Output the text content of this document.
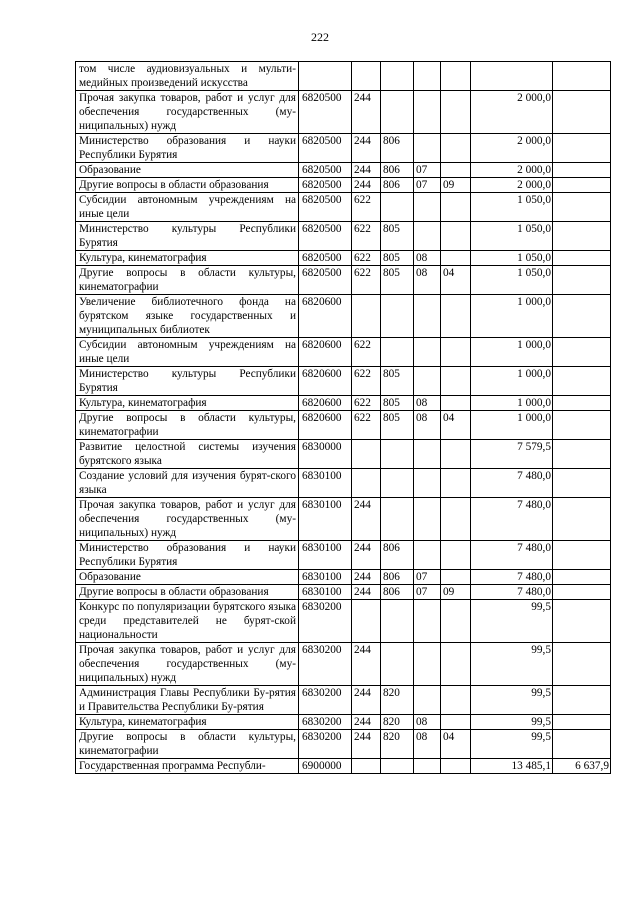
222
том числе аудиовизуальных и мульти-медийных произведений искусства							
Прочая закупка товаров, работ и услуг для обеспечения государственных (му-ниципальных) нужд	6820500	244				2 000,0	
Министерство образования и науки Республики Бурятия	6820500	244	806			2 000,0	
Образование	6820500	244	806	07		2 000,0	
Другие вопросы в области образования	6820500	244	806	07	09	2 000,0	
Субсидии автономным учреждениям на иные цели	6820500	622				1 050,0	
Министерство культуры Республики Бурятия	6820500	622	805			1 050,0	
Культура, кинематография	6820500	622	805	08		1 050,0	
Другие вопросы в области культуры, кинематографии	6820500	622	805	08	04	1 050,0	
Увеличение библиотечного фонда на бурятском языке государственных и муниципальных библиотек	6820600					1 000,0	
Субсидии автономным учреждениям на иные цели	6820600	622				1 000,0	
Министерство культуры Республики Бурятия	6820600	622	805			1 000,0	
Культура, кинематография	6820600	622	805	08		1 000,0	
Другие вопросы в области культуры, кинематографии	6820600	622	805	08	04	1 000,0	
Развитие целостной системы изучения бурятского языка	6830000					7 579,5	
Создание условий для изучения бурят-ского языка	6830100					7 480,0	
Прочая закупка товаров, работ и услуг для обеспечения государственных (му-ниципальных) нужд	6830100	244				7 480,0	
Министерство образования и науки Республики Бурятия	6830100	244	806			7 480,0	
Образование	6830100	244	806	07		7 480,0	
Другие вопросы в области образования	6830100	244	806	07	09	7 480,0	
Конкурс по популяризации бурятского языка среди представителей не бурят-ской национальности	6830200					99,5	
Прочая закупка товаров, работ и услуг для обеспечения государственных (му-ниципальных) нужд	6830200	244				99,5	
Администрация Главы Республики Бу-рятия и Правительства Республики Бу-рятия	6830200	244	820			99,5	
Культура, кинематография	6830200	244	820	08		99,5	
Другие вопросы в области культуры, кинематографии	6830200	244	820	08	04	99,5	
Государственная программа Республи-	6900000					13 485,1	6 637,9
